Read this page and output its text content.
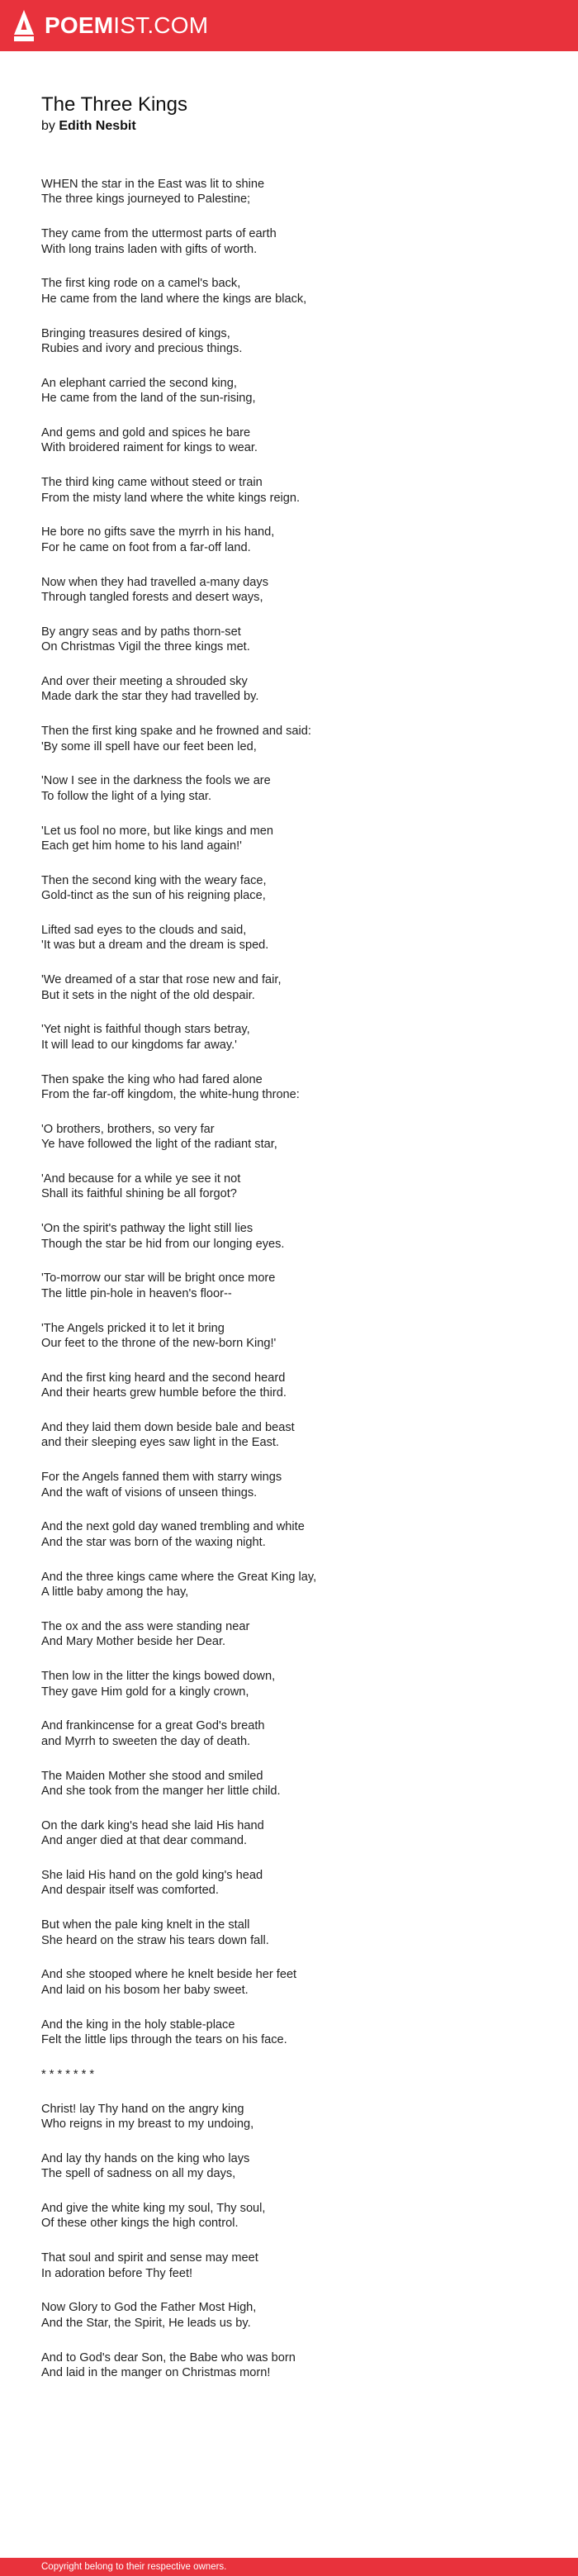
POEMIST.COM
The Three Kings

by Edith Nesbit

WHEN the star in the East was lit to shine
The three kings journeyed to Palestine;

They came from the uttermost parts of earth
With long trains laden with gifts of worth.

The first king rode on a camel's back,
He came from the land where the kings are black,

Bringing treasures desired of kings,
Rubies and ivory and precious things.

An elephant carried the second king,
He came from the land of the sun-rising,

And gems and gold and spices he bare
With broidered raiment for kings to wear.

The third king came without steed or train
From the misty land where the white kings reign.

He bore no gifts save the myrrh in his hand,
For he came on foot from a far-off land.

Now when they had travelled a-many days
Through tangled forests and desert ways,

By angry seas and by paths thorn-set
On Christmas Vigil the three kings met.

And over their meeting a shrouded sky
Made dark the star they had travelled by.

Then the first king spake and he frowned and said:
'By some ill spell have our feet been led,

'Now I see in the darkness the fools we are
To follow the light of a lying star.

'Let us fool no more, but like kings and men
Each get him home to his land again!'

Then the second king with the weary face,
Gold-tinct as the sun of his reigning place,

Lifted sad eyes to the clouds and said,
'It was but a dream and the dream is sped.

'We dreamed of a star that rose new and fair,
But it sets in the night of the old despair.

'Yet night is faithful though stars betray,
It will lead to our kingdoms far away.'

Then spake the king who had fared alone
From the far-off kingdom, the white-hung throne:

'O brothers, brothers, so very far
Ye have followed the light of the radiant star,

'And because for a while ye see it not
Shall its faithful shining be all forgot?

'On the spirit's pathway the light still lies
Though the star be hid from our longing eyes.

'To-morrow our star will be bright once more
The little pin-hole in heaven's floor--

'The Angels pricked it to let it bring
Our feet to the throne of the new-born King!'

And the first king heard and the second heard
And their hearts grew humble before the third.

And they laid them down beside bale and beast
and their sleeping eyes saw light in the East.

For the Angels fanned them with starry wings
And the waft of visions of unseen things.

And the next gold day waned trembling and white
And the star was born of the waxing night.

And the three kings came where the Great King lay,
A little baby among the hay,

The ox and the ass were standing near
And Mary Mother beside her Dear.

Then low in the litter the kings bowed down,
They gave Him gold for a kingly crown,

And frankincense for a great God's breath
and Myrrh to sweeten the day of death.

The Maiden Mother she stood and smiled
And she took from the manger her little child.

On the dark king's head she laid His hand
And anger died at that dear command.

She laid His hand on the gold king's head
And despair itself was comforted.

But when the pale king knelt in the stall
She heard on the straw his tears down fall.

And she stooped where he knelt beside her feet
And laid on his bosom her baby sweet.

And the king in the holy stable-place
Felt the little lips through the tears on his face.

* * * * * * *

Christ! lay Thy hand on the angry king
Who reigns in my breast to my undoing,

And lay thy hands on the king who lays
The spell of sadness on all my days,

And give the white king my soul, Thy soul,
Of these other kings the high control.

That soul and spirit and sense may meet
In adoration before Thy feet!

Now Glory to God the Father Most High,
And the Star, the Spirit, He leads us by.

And to God's dear Son, the Babe who was born
And laid in the manger on Christmas morn!

Copyright belong to their respective owners.
